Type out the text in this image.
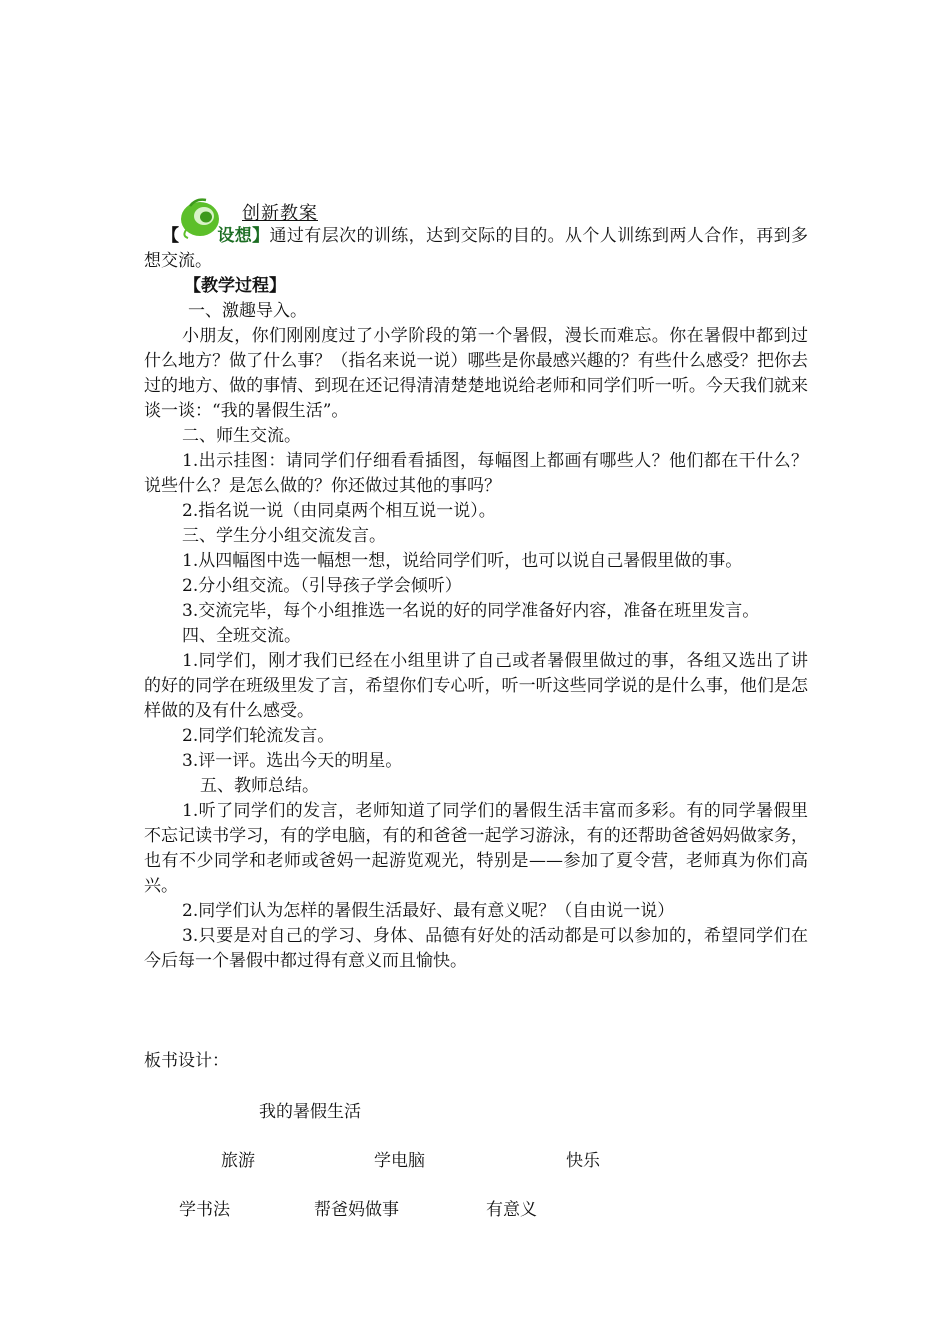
创新教案

【 设想】通过有层次的训练，达到交际的目的。从个人训练到两人合作，再到多想交流。

【教学过程】

一、激趣导入。

小朋友，你们刚刚度过了小学阶段的第一个暑假，漫长而难忘。你在暑假中都到过什么地方？做了什么事？（指名来说一说）哪些是你最感兴趣的？有些什么感受？把你去过的地方、做的事情、到现在还记得清清楚楚地说给老师和同学们听一听。今天我们就来谈一谈：“我的暑假生活”。

二、师生交流。

1.出示挂图：请同学们仔细看看插图，每幅图上都画有哪些人？他们都在干什么？说些什么？是怎么做的？你还做过其他的事吗？

2.指名说一说（由同桌两个相互说一说）。

三、学生分小组交流发言。

1.从四幅图中选一幅想一想，说给同学们听，也可以说自己暑假里做的事。

2.分小组交流。（引导孩子学会倾听）

3.交流完毕，每个小组推选一名说的好的同学准备好内容，准备在班里发言。

四、全班交流。

1.同学们，刚才我们已经在小组里讲了自己或者暑假里做过的事，各组又选出了讲的好的同学在班级里发了言，希望你们专心听，听一听这些同学说的是什么事，他们是怎样做的及有什么感受。

2.同学们轮流发言。

3.评一评。选出今天的明星。

五、教师总结。

1.听了同学们的发言，老师知道了同学们的暑假生活丰富而多彩。有的同学暑假里不忘记读书学习，有的学电脑，有的和爸爸一起学习游泳，有的还帮助爸爸妈妈做家务，也有不少同学和老师或爸妈一起游览观光，特别是——参加了夏令营，老师真为你们高兴。

2.同学们认为怎样的暑假生活最好、最有意义呢？（自由说一说）

3.只要是对自己的学习、身体、品德有好处的活动都是可以参加的，希望同学们在今后每一个暑假中都过得有意义而且愉快。

板书设计：
我的暑假生活
旅游	学电脑	快乐
学书法	帮爸妈做事	有意义
